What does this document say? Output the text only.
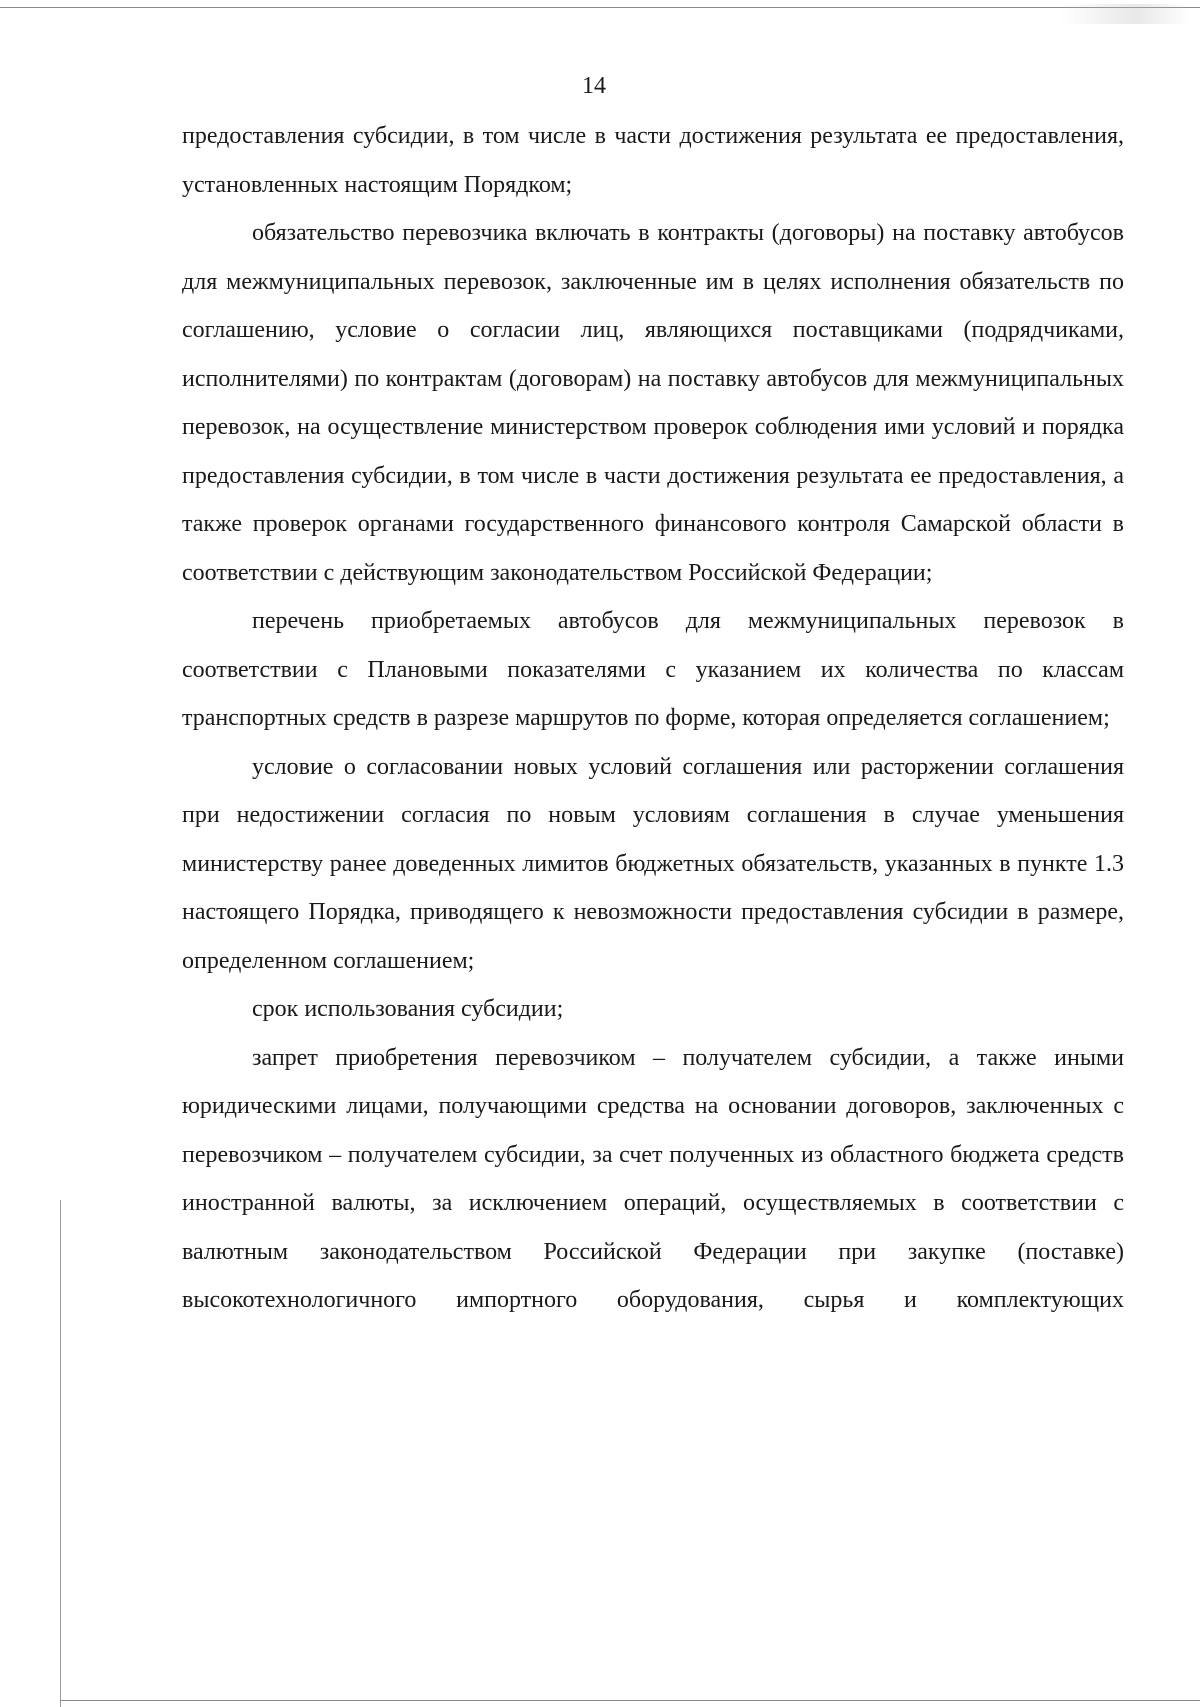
14

предоставления субсидии, в том числе в части достижения результата ее предоставления, установленных настоящим Порядком;

обязательство перевозчика включать в контракты (договоры) на поставку автобусов для межмуниципальных перевозок, заключенные им в целях исполнения обязательств по соглашению, условие о согласии лиц, являющихся поставщиками (подрядчиками, исполнителями) по контрактам (договорам) на поставку автобусов для межмуниципальных перевозок, на осуществление министерством проверок соблюдения ими условий и порядка предоставления субсидии, в том числе в части достижения результата ее предоставления, а также проверок органами государственного финансового контроля Самарской области в соответствии с действующим законодательством Российской Федерации;

перечень приобретаемых автобусов для межмуниципальных перевозок в соответствии с Плановыми показателями с указанием их количества по классам транспортных средств в разрезе маршрутов по форме, которая определяется соглашением;

условие о согласовании новых условий соглашения или расторжении соглашения при недостижении согласия по новым условиям соглашения в случае уменьшения министерству ранее доведенных лимитов бюджетных обязательств, указанных в пункте 1.3 настоящего Порядка, приводящего к невозможности предоставления субсидии в размере, определенном соглашением;

срок использования субсидии;

запрет приобретения перевозчиком – получателем субсидии, а также иными юридическими лицами, получающими средства на основании договоров, заключенных с перевозчиком – получателем субсидии, за счет полученных из областного бюджета средств иностранной валюты, за исключением операций, осуществляемых в соответствии с валютным законодательством Российской Федерации при закупке (поставке) высокотехнологичного импортного оборудования, сырья и комплектующих
